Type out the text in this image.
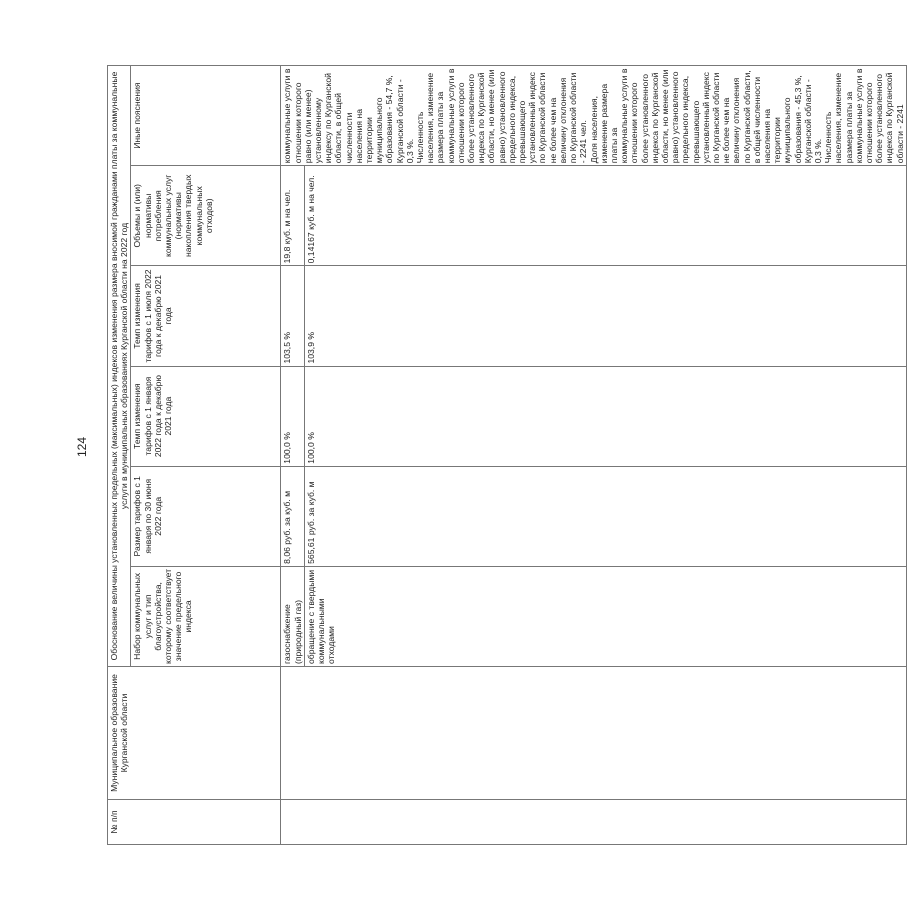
124
№ п/п	Муниципальное образование Курганской области	Обоснование величины установленных предельных (максимальных) индексов изменения размера вносимой гражданами платы за коммунальные услуги в муниципальных образованиях Курганской области на 2022 год					
		Набор коммунальных услуг и тип благоустройства, которому соответствует значение предельного индекса	Размер тарифов с 1 января по 30 июня 2022 года	Темп изменения тарифов с 1 января 2022 года к декабрю 2021 года	Темп изменения тарифов с 1 июля 2022 года к декабрю 2021 года	Объемы и (или) нормативы потребления коммунальных услуг (нормативы накопления твердых коммунальных отходов)	Иные пояснения
		газоснабжение (природный газ)	8,06 руб. за куб. м	100,0 %	103,5 %	19,8 куб. м на чел.	коммунальные услуги в отношении которого равно (или менее) установленному индексу по Курганской области, в общей численности населения на территории муниципального образования - 54,7 %, Курганской области - 0,3 %. Численность населения, изменение размера платы за коммунальные услуги в отношении которого более установленного индекса по Курганской области, но менее (или равно) установленного предельного индекса, превышающего установленный индекс по Курганской области не более чем на величину отклонения по Курганской области - 2241 чел. Доля населения, изменение размера платы за коммунальные услуги в отношении которого более установленного индекса по Курганской области, но менее (или равно) установленного предельного индекса, превышающего установленный индекс по Курганской области не более чем на величину отклонения по Курганской области, в общей численности населения на территории муниципального образования - 45,3 %, Курганской области - 0,3 %. Численность населения, изменение размера платы за коммунальные услуги в отношении которого более установленного индекса по Курганской области - 2241

		обращение с твердыми коммунальными отходами	565,61 руб. за куб. м	100,0 %	103,9 %	0,14167 куб. м на чел.	
